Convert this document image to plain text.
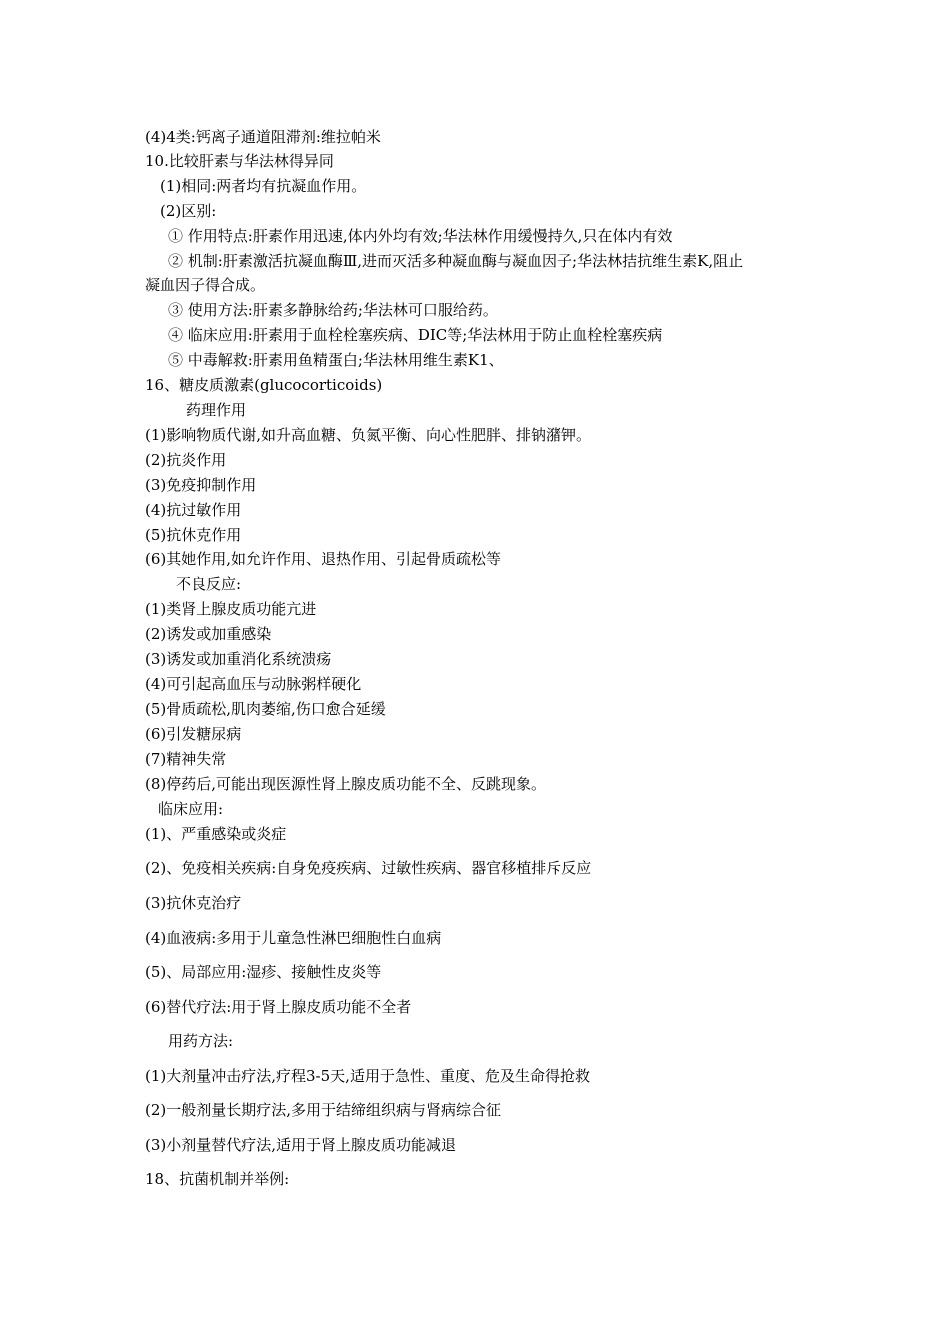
(4)4类:钙离子通道阻滞剂:维拉帕米
10.比较肝素与华法林得异同
(1)相同:两者均有抗凝血作用。
(2)区别:
① 作用特点:肝素作用迅速,体内外均有效;华法林作用缓慢持久,只在体内有效
② 机制:肝素激活抗凝血酶Ⅲ,进而灭活多种凝血酶与凝血因子;华法林拮抗维生素K,阻止
凝血因子得合成。
③ 使用方法:肝素多静脉给药;华法林可口服给药。
④ 临床应用:肝素用于血栓栓塞疾病、DIC等;华法林用于防止血栓栓塞疾病
⑤ 中毒解救:肝素用鱼精蛋白;华法林用维生素K1、
16、糖皮质激素(glucocorticoids)
药理作用
(1)影响物质代谢,如升高血糖、负氮平衡、向心性肥胖、排钠潴钾。
(2)抗炎作用
(3)免疫抑制作用
(4)抗过敏作用
(5)抗休克作用
(6)其她作用,如允许作用、退热作用、引起骨质疏松等
不良反应:
(1)类肾上腺皮质功能亢进
(2)诱发或加重感染
(3)诱发或加重消化系统溃疡
(4)可引起高血压与动脉粥样硬化
(5)骨质疏松,肌肉萎缩,伤口愈合延缓
(6)引发糖尿病
(7)精神失常
(8)停药后,可能出现医源性肾上腺皮质功能不全、反跳现象。
临床应用:
(1)、严重感染或炎症
(2)、免疫相关疾病:自身免疫疾病、过敏性疾病、器官移植排斥反应
(3)抗休克治疗
(4)血液病:多用于儿童急性淋巴细胞性白血病
(5)、局部应用:湿疹、接触性皮炎等
(6)替代疗法:用于肾上腺皮质功能不全者
用药方法:
(1)大剂量冲击疗法,疗程3-5天,适用于急性、重度、危及生命得抢救
(2)一般剂量长期疗法,多用于结缔组织病与肾病综合征
(3)小剂量替代疗法,适用于肾上腺皮质功能减退
18、抗菌机制并举例:
